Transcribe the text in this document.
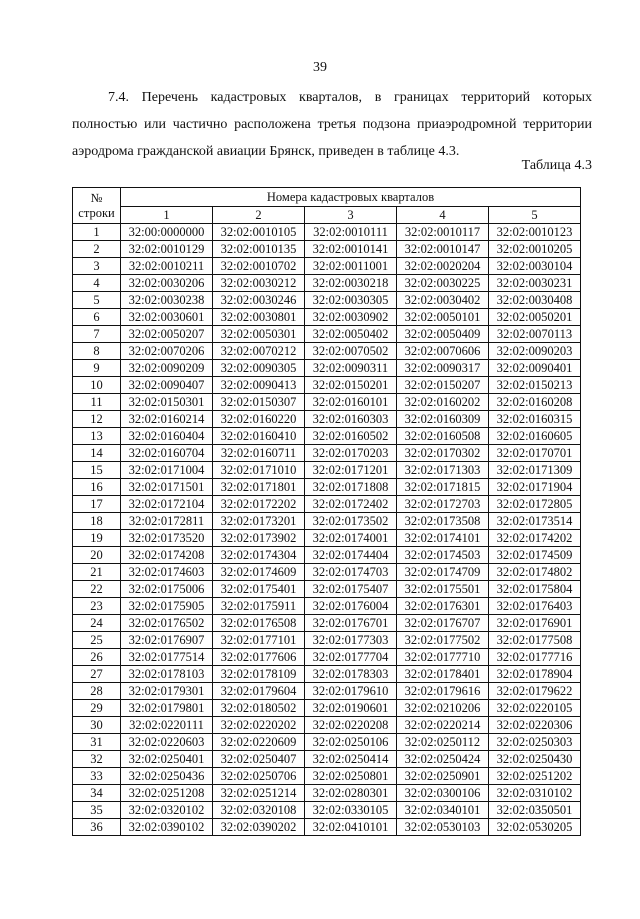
39
7.4. Перечень кадастровых кварталов, в границах территорий которых
полностью или частично расположена третья подзона приаэродромной территории
аэродрома гражданской авиации Брянск, приведен в таблице 4.3.
Таблица 4.3
№
строки	Номера кадастровых кварталов				
	1	2	3	4	5
1	32:00:0000000	32:02:0010105	32:02:0010111	32:02:0010117	32:02:0010123
2	32:02:0010129	32:02:0010135	32:02:0010141	32:02:0010147	32:02:0010205
3	32:02:0010211	32:02:0010702	32:02:0011001	32:02:0020204	32:02:0030104
4	32:02:0030206	32:02:0030212	32:02:0030218	32:02:0030225	32:02:0030231
5	32:02:0030238	32:02:0030246	32:02:0030305	32:02:0030402	32:02:0030408
6	32:02:0030601	32:02:0030801	32:02:0030902	32:02:0050101	32:02:0050201
7	32:02:0050207	32:02:0050301	32:02:0050402	32:02:0050409	32:02:0070113
8	32:02:0070206	32:02:0070212	32:02:0070502	32:02:0070606	32:02:0090203
9	32:02:0090209	32:02:0090305	32:02:0090311	32:02:0090317	32:02:0090401
10	32:02:0090407	32:02:0090413	32:02:0150201	32:02:0150207	32:02:0150213
11	32:02:0150301	32:02:0150307	32:02:0160101	32:02:0160202	32:02:0160208
12	32:02:0160214	32:02:0160220	32:02:0160303	32:02:0160309	32:02:0160315
13	32:02:0160404	32:02:0160410	32:02:0160502	32:02:0160508	32:02:0160605
14	32:02:0160704	32:02:0160711	32:02:0170203	32:02:0170302	32:02:0170701
15	32:02:0171004	32:02:0171010	32:02:0171201	32:02:0171303	32:02:0171309
16	32:02:0171501	32:02:0171801	32:02:0171808	32:02:0171815	32:02:0171904
17	32:02:0172104	32:02:0172202	32:02:0172402	32:02:0172703	32:02:0172805
18	32:02:0172811	32:02:0173201	32:02:0173502	32:02:0173508	32:02:0173514
19	32:02:0173520	32:02:0173902	32:02:0174001	32:02:0174101	32:02:0174202
20	32:02:0174208	32:02:0174304	32:02:0174404	32:02:0174503	32:02:0174509
21	32:02:0174603	32:02:0174609	32:02:0174703	32:02:0174709	32:02:0174802
22	32:02:0175006	32:02:0175401	32:02:0175407	32:02:0175501	32:02:0175804
23	32:02:0175905	32:02:0175911	32:02:0176004	32:02:0176301	32:02:0176403
24	32:02:0176502	32:02:0176508	32:02:0176701	32:02:0176707	32:02:0176901
25	32:02:0176907	32:02:0177101	32:02:0177303	32:02:0177502	32:02:0177508
26	32:02:0177514	32:02:0177606	32:02:0177704	32:02:0177710	32:02:0177716
27	32:02:0178103	32:02:0178109	32:02:0178303	32:02:0178401	32:02:0178904
28	32:02:0179301	32:02:0179604	32:02:0179610	32:02:0179616	32:02:0179622
29	32:02:0179801	32:02:0180502	32:02:0190601	32:02:0210206	32:02:0220105
30	32:02:0220111	32:02:0220202	32:02:0220208	32:02:0220214	32:02:0220306
31	32:02:0220603	32:02:0220609	32:02:0250106	32:02:0250112	32:02:0250303
32	32:02:0250401	32:02:0250407	32:02:0250414	32:02:0250424	32:02:0250430
33	32:02:0250436	32:02:0250706	32:02:0250801	32:02:0250901	32:02:0251202
34	32:02:0251208	32:02:0251214	32:02:0280301	32:02:0300106	32:02:0310102
35	32:02:0320102	32:02:0320108	32:02:0330105	32:02:0340101	32:02:0350501
36	32:02:0390102	32:02:0390202	32:02:0410101	32:02:0530103	32:02:0530205
